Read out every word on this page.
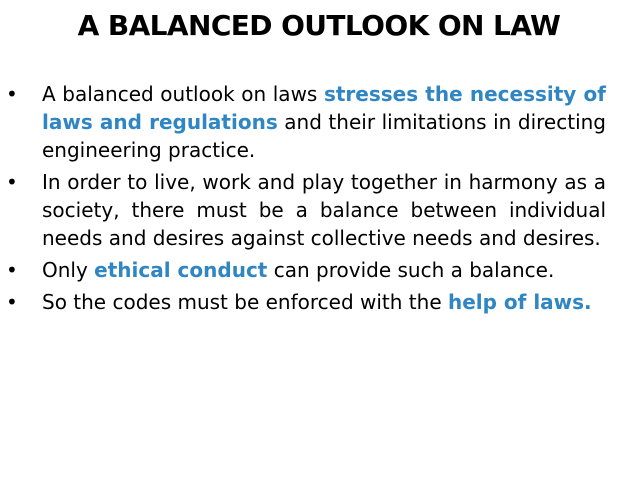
A BALANCED OUTLOOK ON LAW
•	A balanced outlook on laws stresses the necessity of laws and regulations and their limitations in directing engineering practice.
•	In order to live, work and play together in harmony as a society, there must be a balance between individual needs and desires against collective needs and desires.
•	Only ethical conduct can provide such a balance.
•	So the codes must be enforced with the help of laws.
